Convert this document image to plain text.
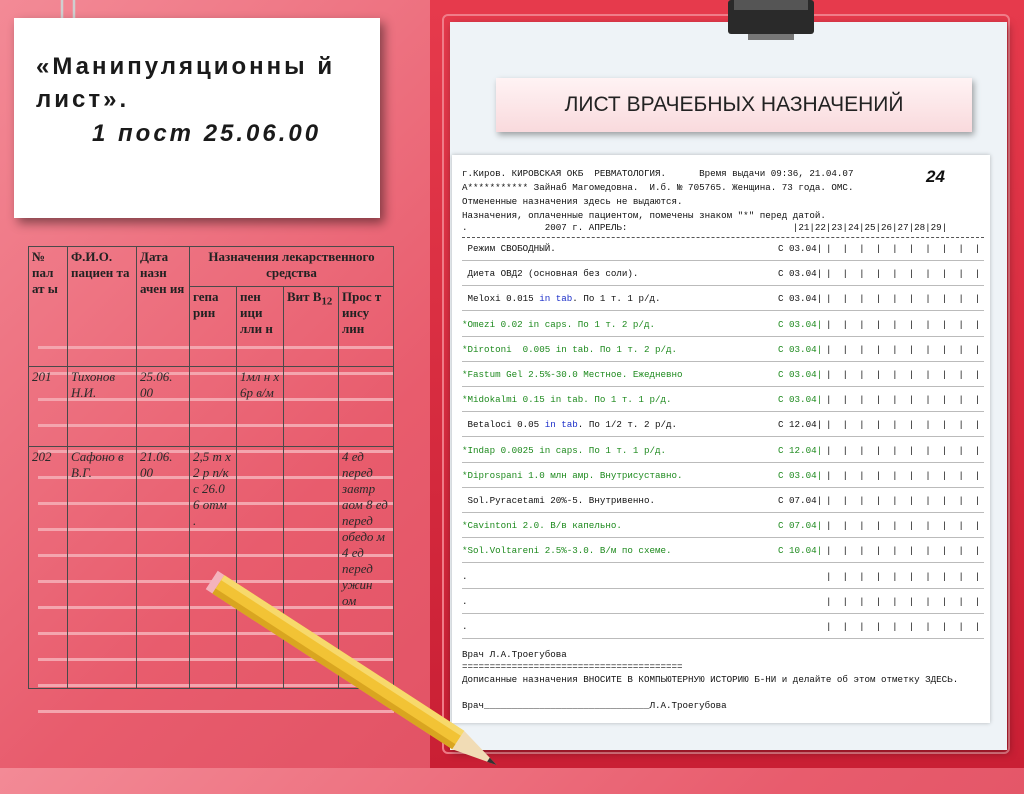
«Манипуляционны й лист».
1 пост 25.06.00
№ пал ат ы	Ф.И.О. пациен та	Дата назн ачен ия	Назначения лекарственного средства			
			гепа рин	пен ици лли н	Вит $B_{12}$	Прос т инсу лин
201	Тихонов Н.И.	25.06. 00		1мл н х 6р в/м		
202	Сафоно в В.Г.	21.06. 00	2,5 т х 2 р п/к с 26.0 6 отм .			4 ед перед завтр аом 8 ед перед обедо м 4 ед перед ужин ом
ЛИСТ ВРАЧЕБНЫХ НАЗНАЧЕНИЙ
24
г.Киров. КИРОВСКАЯ ОКБ  РЕВМАТОЛОГИЯ.      Время выдачи 09:36, 21.04.07
А*********** Зайнаб Магомедовна.  И.б. № 705765. Женщина. 73 года. ОМС.
Отмененные назначения здесь не выдаются.
Назначения, оплаченные пациентом, помечены знаком "*" перед датой.
.              2007 г. АПРЕЛЬ:                              |21|22|23|24|25|26|27|28|29|
Режим СВОБОДНЫЙ.	С 03.04| |  |  |  |  |  |  |  |  |  |
Диета ОВД2 (основная без соли).	С 03.04| |  |  |  |  |  |  |  |  |  |
Meloxi 0.015 in tab. По 1 т. 1 р/д.	С 03.04| |  |  |  |  |  |  |  |  |  |
*Omezi 0.02 in caps. По 1 т. 2 р/д.	С 03.04| |  |  |  |  |  |  |  |  |  |
*Dirotoni  0.005 in tab. По 1 т. 2 р/д.	С 03.04| |  |  |  |  |  |  |  |  |  |
*Fastum Gel 2.5%-30.0 Местное. Ежедневно	С 03.04| |  |  |  |  |  |  |  |  |  |
*Midokalmi 0.15 in tab. По 1 т. 1 р/д.	С 03.04| |  |  |  |  |  |  |  |  |  |
Betaloci 0.05 in tab. По 1/2 т. 2 р/д.	С 12.04| |  |  |  |  |  |  |  |  |  |
*Indap 0.0025 in caps. По 1 т. 1 р/д.	С 12.04| |  |  |  |  |  |  |  |  |  |
*Diprospani 1.0 млн амр. Внутрисуставно.	С 03.04| |  |  |  |  |  |  |  |  |  |
Sol.Pyracetami 20%-5. Внутривенно.	С 07.04| |  |  |  |  |  |  |  |  |  |
*Cavintoni 2.0. В/в капельно.	С 07.04| |  |  |  |  |  |  |  |  |  |
*Sol.Voltareni 2.5%-3.0. В/м по схеме.	С 10.04| |  |  |  |  |  |  |  |  |  |
.	|  |  |  |  |  |  |  |  |  |
.	|  |  |  |  |  |  |  |  |  |
.	|  |  |  |  |  |  |  |  |  |
Врач Л.А.Троегубова
========================================
Дописанные назначения ВНОСИТЕ В КОМПЬЮТЕРНУЮ ИСТОРИЮ Б-НИ и делайте об этом отметку ЗДЕСЬ.
Врач______________________________Л.А.Троегубова
